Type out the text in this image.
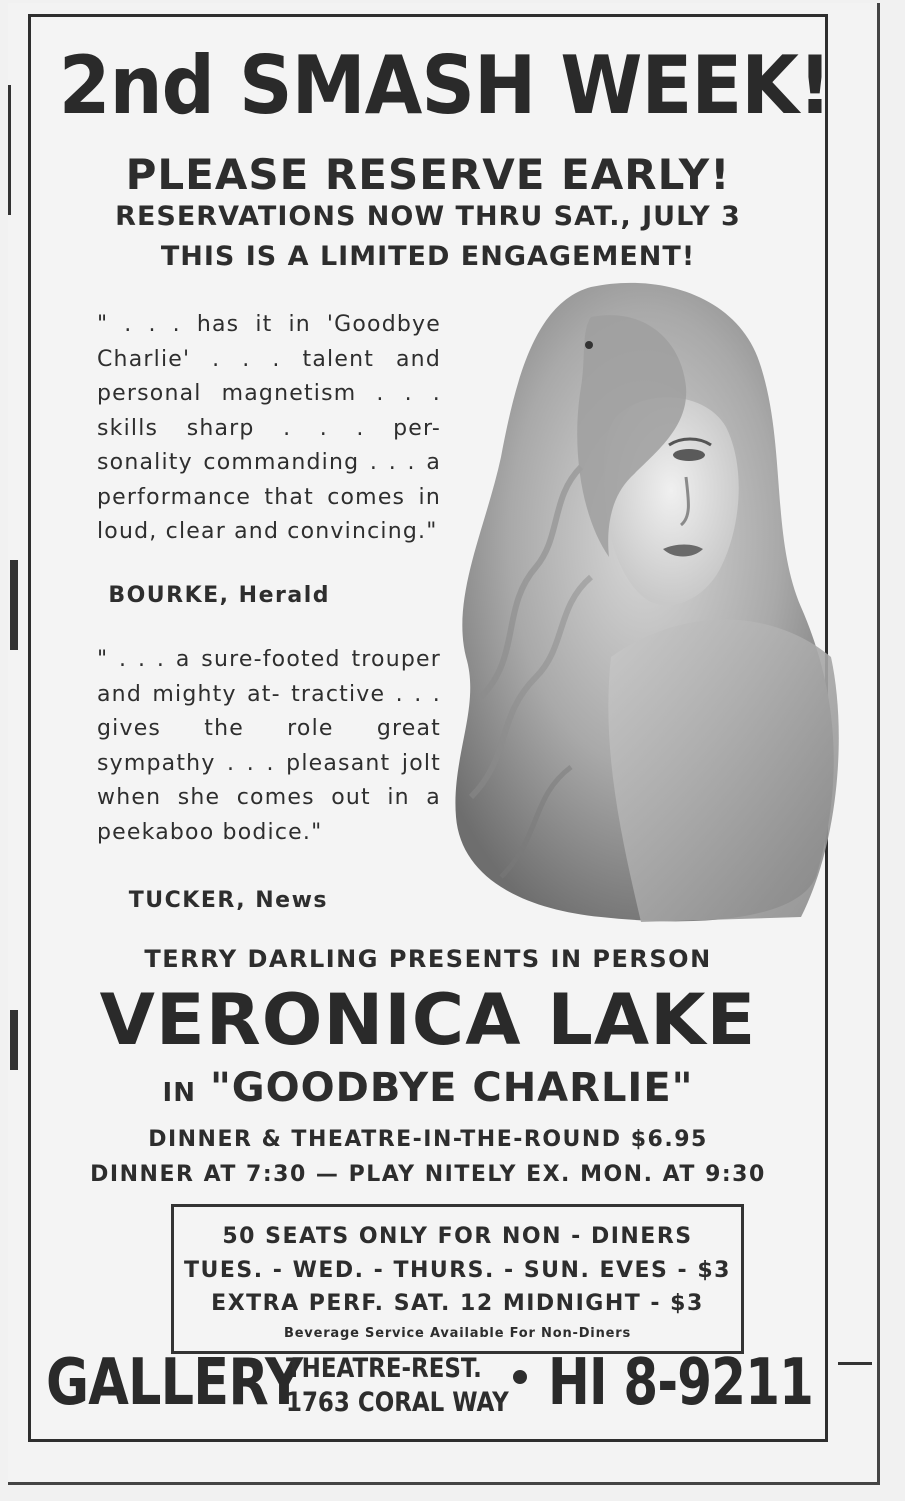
2nd SMASH WEEK!
PLEASE RESERVE EARLY!
RESERVATIONS NOW THRU SAT., JULY 3
THIS IS A LIMITED ENGAGEMENT!
" . . . has it in 'Goodbye Charlie' . . . talent and personal magnetism . . . skills sharp . . . per- sonality commanding . . . a performance that comes in loud, clear and convincing."
BOURKE, Herald
" . . . a sure-footed trouper and mighty at- tractive . . . gives the role great sympathy . . . pleasant jolt when she comes out in a peekaboo bodice."
TUCKER, News
TERRY DARLING PRESENTS IN PERSON
VERONICA LAKE
IN "GOODBYE CHARLIE"
DINNER & THEATRE-IN-THE-ROUND $6.95
DINNER AT 7:30 — PLAY NITELY EX. MON. AT 9:30
50 SEATS ONLY FOR NON - DINERS
TUES. - WED. - THURS. - SUN. EVES - $3
EXTRA PERF. SAT. 12 MIDNIGHT - $3
Beverage Service Available For Non-Diners
GALLERY
THEATRE-REST.
1763 CORAL WAY HI 8-9211
